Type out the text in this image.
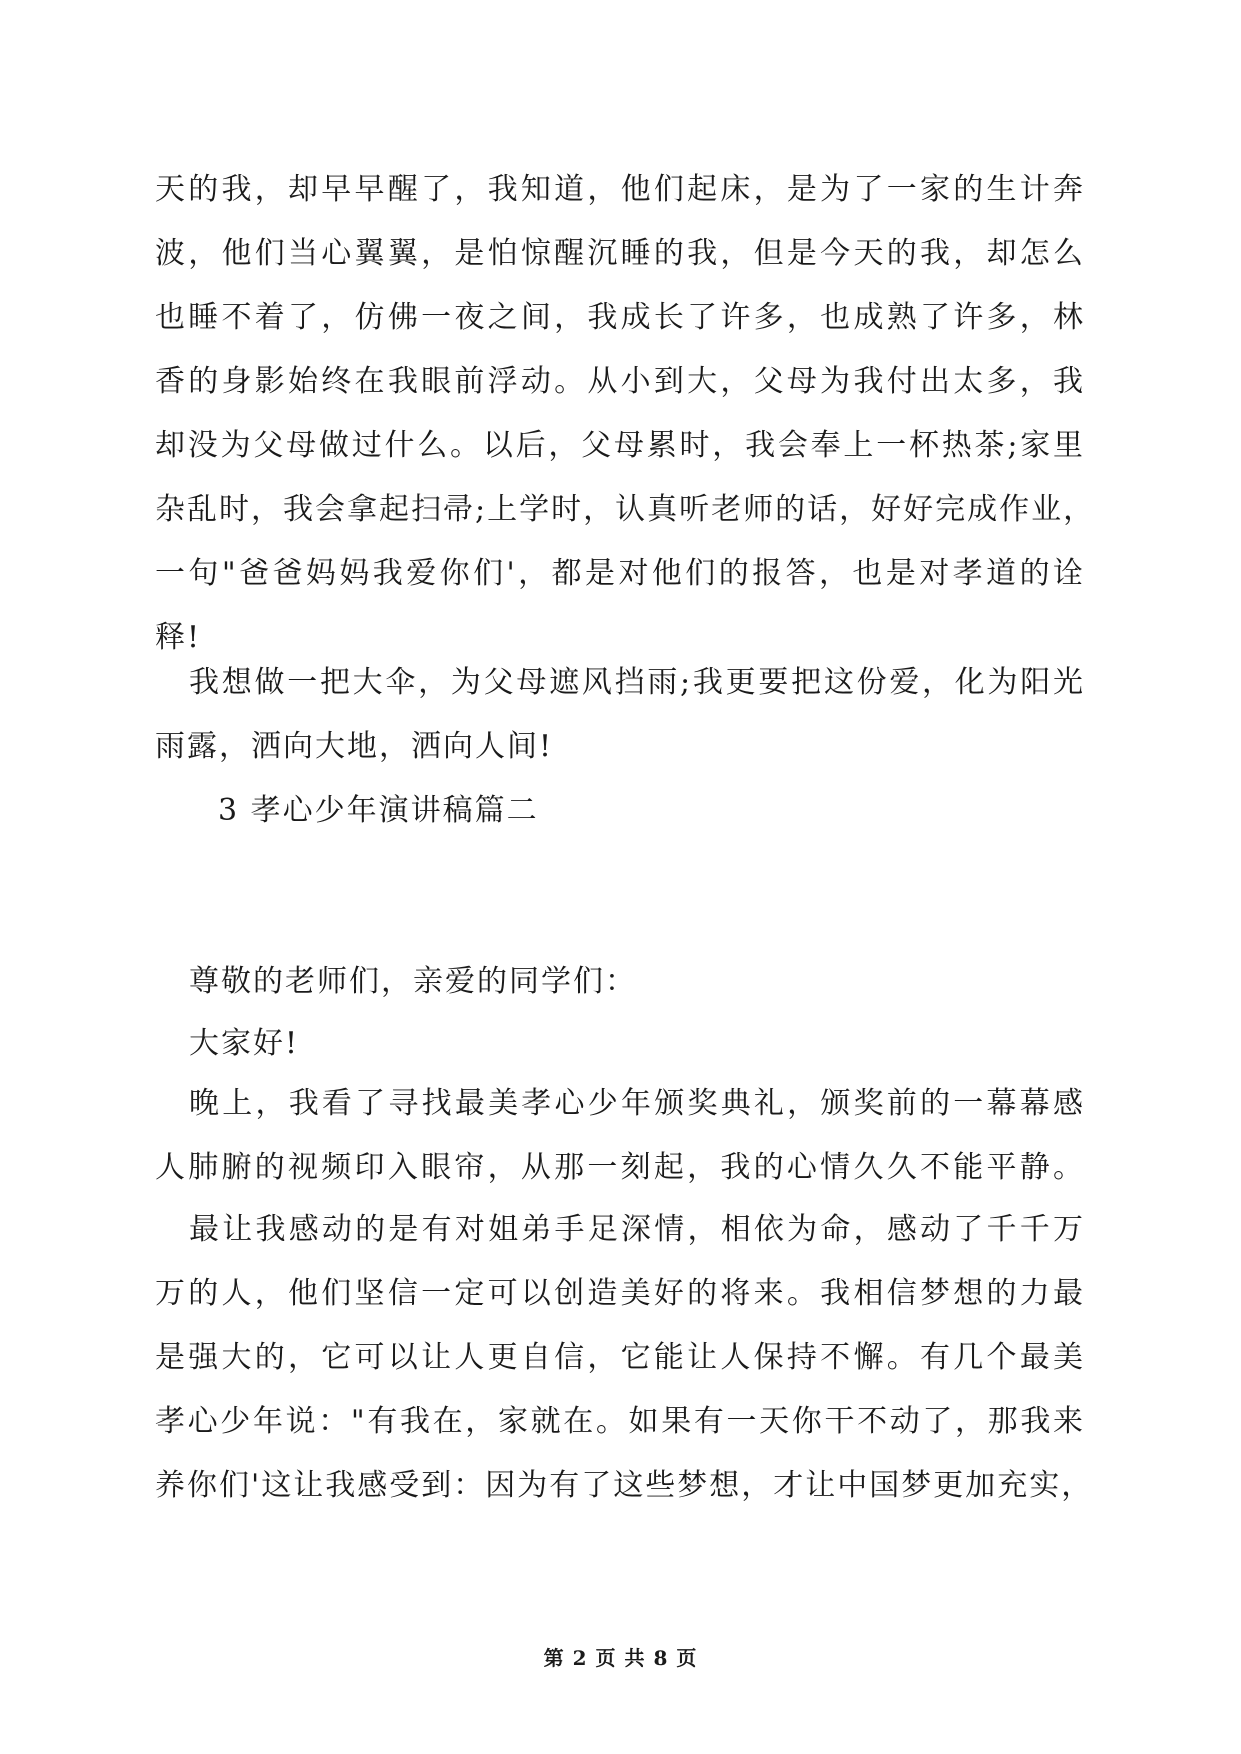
天的我，却早早醒了，我知道，他们起床，是为了一家的生计奔
波，他们当心翼翼，是怕惊醒沉睡的我，但是今天的我，却怎么
也睡不着了，仿佛一夜之间，我成长了许多，也成熟了许多，林
香的身影始终在我眼前浮动。从小到大，父母为我付出太多，我
却没为父母做过什么。以后，父母累时，我会奉上一杯热茶;家里
杂乱时，我会拿起扫帚;上学时，认真听老师的话，好好完成作业，
一句"爸爸妈妈我爱你们'，都是对他们的报答，也是对孝道的诠
释!
我想做一把大伞，为父母遮风挡雨;我更要把这份爱，化为阳光
雨露，洒向大地，洒向人间!
3 孝心少年演讲稿篇二
尊敬的老师们，亲爱的同学们：
大家好!
晚上，我看了寻找最美孝心少年颁奖典礼，颁奖前的一幕幕感
人肺腑的视频印入眼帘，从那一刻起，我的心情久久不能平静。
最让我感动的是有对姐弟手足深情，相依为命，感动了千千万
万的人，他们坚信一定可以创造美好的将来。我相信梦想的力最
是强大的，它可以让人更自信，它能让人保持不懈。有几个最美
孝心少年说："有我在，家就在。如果有一天你干不动了，那我来
养你们'这让我感受到：因为有了这些梦想，才让中国梦更加充实，
第 2 页 共 8 页
